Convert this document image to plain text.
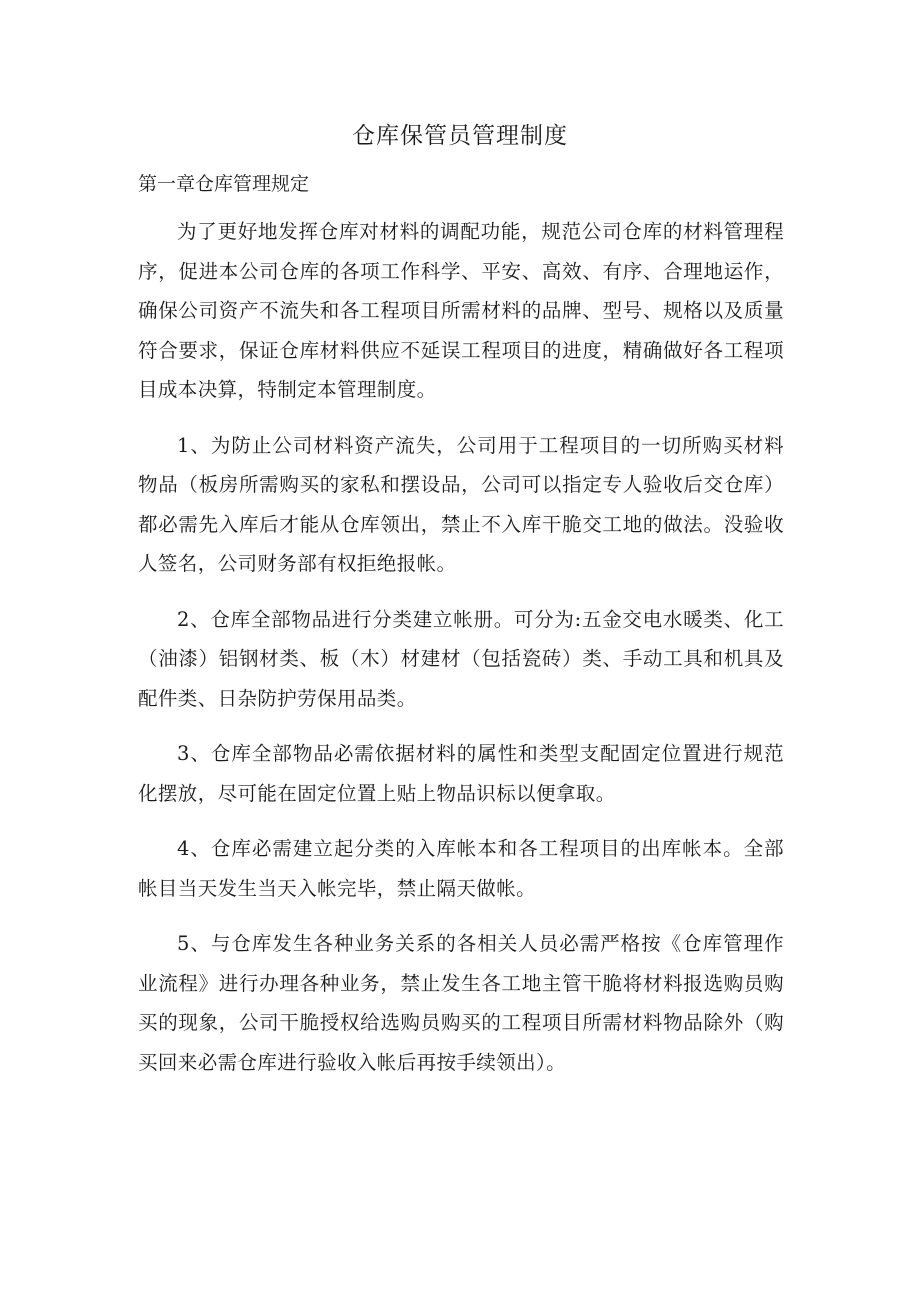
仓库保管员管理制度
第一章仓库管理规定

为了更好地发挥仓库对材料的调配功能，规范公司仓库的材料管理程序，促进本公司仓库的各项工作科学、平安、高效、有序、合理地运作，确保公司资产不流失和各工程项目所需材料的品牌、型号、规格以及质量符合要求，保证仓库材料供应不延误工程项目的进度，精确做好各工程项目成本决算，特制定本管理制度。

1、为防止公司材料资产流失，公司用于工程项目的一切所购买材料物品（板房所需购买的家私和摆设品，公司可以指定专人验收后交仓库）都必需先入库后才能从仓库领出，禁止不入库干脆交工地的做法。没验收人签名，公司财务部有权拒绝报帐。

2、仓库全部物品进行分类建立帐册。可分为:五金交电水暖类、化工（油漆）铝钢材类、板（木）材建材（包括瓷砖）类、手动工具和机具及配件类、日杂防护劳保用品类。

3、仓库全部物品必需依据材料的属性和类型支配固定位置进行规范化摆放，尽可能在固定位置上贴上物品识标以便拿取。

4、仓库必需建立起分类的入库帐本和各工程项目的出库帐本。全部帐目当天发生当天入帐完毕，禁止隔天做帐。

5、与仓库发生各种业务关系的各相关人员必需严格按《仓库管理作业流程》进行办理各种业务，禁止发生各工地主管干脆将材料报选购员购买的现象，公司干脆授权给选购员购买的工程项目所需材料物品除外（购买回来必需仓库进行验收入帐后再按手续领出）。
